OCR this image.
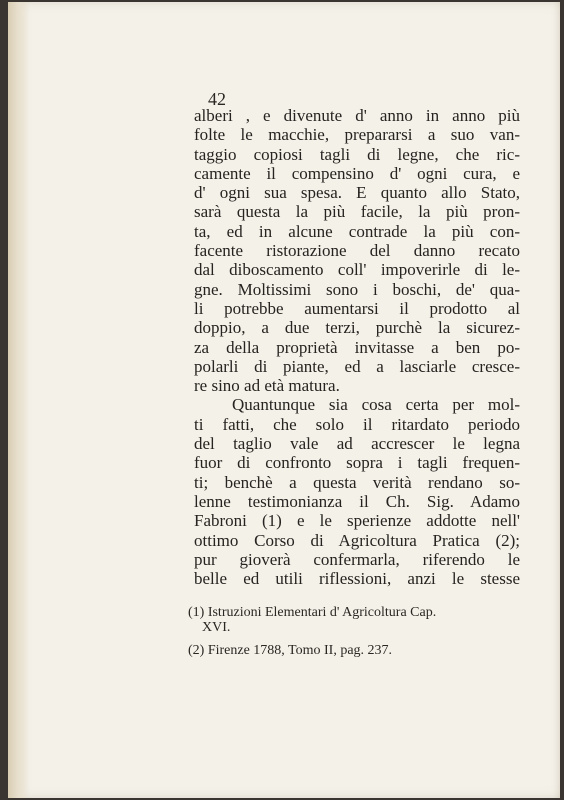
42
alberi , e divenute d' anno in anno più
folte le macchie, prepararsi a suo van-
taggio copiosi tagli di legne, che ric-
camente il compensino d' ogni cura, e
d' ogni sua spesa. E quanto allo Stato,
sarà questa la più facile, la più pron-
ta, ed in alcune contrade la più con-
facente ristorazione del danno recato
dal diboscamento coll' impoverirle di le-
gne. Moltissimi sono i boschi, de' qua-
li potrebbe aumentarsi il prodotto al
doppio, a due terzi, purchè la sicurez-
za della proprietà invitasse a ben po-
polarli di piante, ed a lasciarle cresce-
re sino ad età matura.
Quantunque sia cosa certa per mol-
ti fatti, che solo il ritardato periodo
del taglio vale ad accrescer le legna
fuor di confronto sopra i tagli frequen-
ti; benchè a questa verità rendano so-
lenne testimonianza il Ch. Sig. Adamo
Fabroni (1) e le sperienze addotte nell'
ottimo Corso di Agricoltura Pratica (2);
pur gioverà confermarla, riferendo le
belle ed utili riflessioni, anzi le stesse
(1) Istruzioni Elementari d' Agricoltura Cap.
XVI.
(2) Firenze 1788, Tomo II, pag. 237.
